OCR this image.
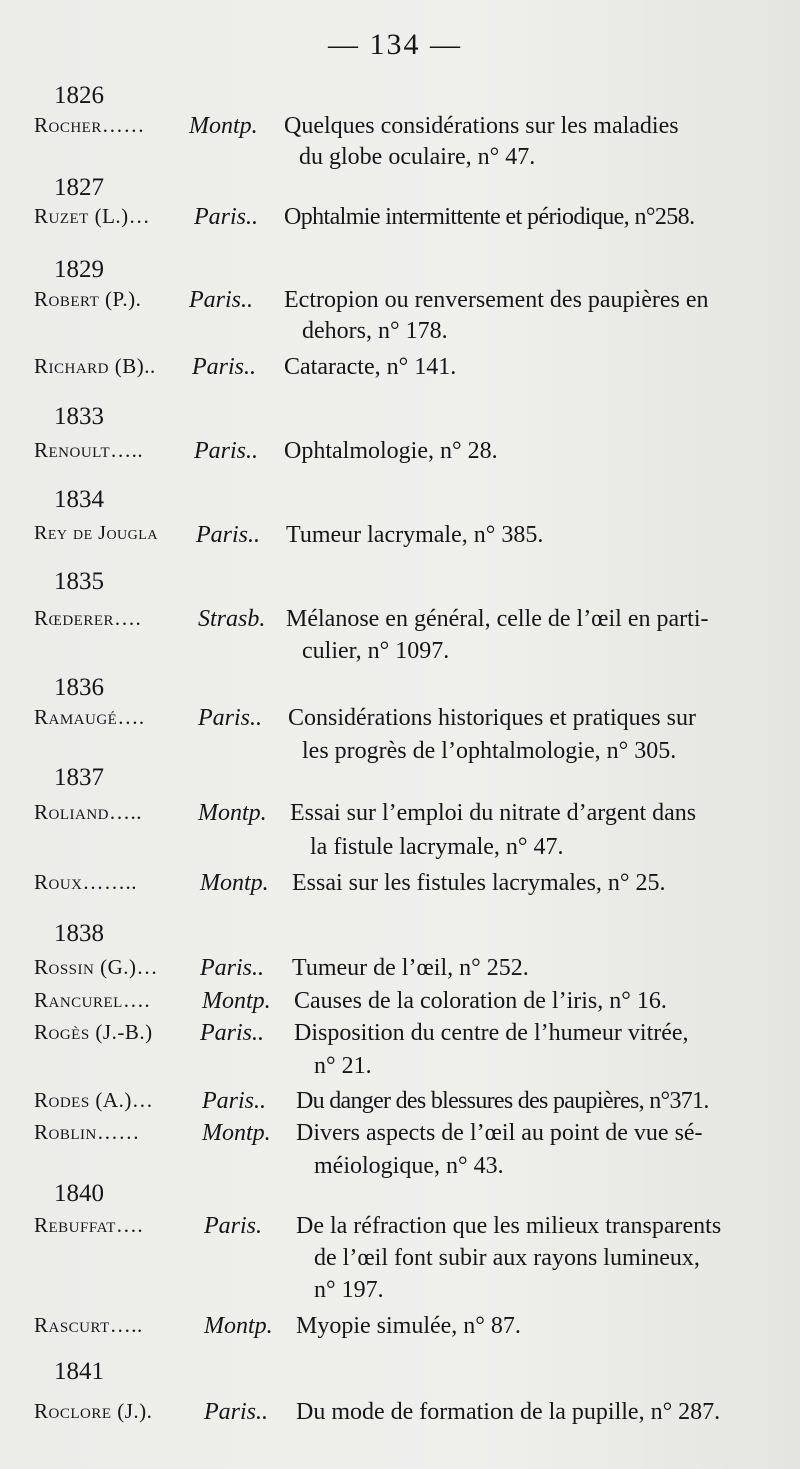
— 134 —
1826
1827
1829
1833
1834
1835
1836
1837
1838
1840
1841
Rocher…… Montp. Quelques considérations sur les maladies
du globe oculaire, n° 47.
Ruzet (L.)… Paris.. Ophtalmie intermittente et périodique, n°258.
Robert (P.). Paris.. Ectropion ou renversement des paupières en
dehors, n° 178.
Richard (B).. Paris.. Cataracte, n° 141.
Renoult….. Paris.. Ophtalmologie, n° 28.
Rey de Jougla Paris.. Tumeur lacrymale, n° 385.
Rœderer…. Strasb. Mélanose en général, celle de l’œil en parti-
culier, n° 1097.
Ramaugé…. Paris.. Considérations historiques et pratiques sur
les progrès de l’ophtalmologie, n° 305.
Roliand….. Montp. Essai sur l’emploi du nitrate d’argent dans
la fistule lacrymale, n° 47.
Roux……..	Montp. Essai sur les fistules lacrymales, n° 25.
Rossin (G.)… Paris.. Tumeur de l’œil, n° 252.
Rancurel…. Montp. Causes de la coloration de l’iris, n° 16.
Rogès (J.-B.) Paris.. Disposition du centre de l’humeur vitrée,
n° 21.
Rodes (A.)… Paris.. Du danger des blessures des paupières, n°371.
Roblin……	Montp. Divers aspects de l’œil au point de vue sé-
méiologique, n° 43.
Rebuffat….	Paris. De la réfraction que les milieux transparents
de l’œil font subir aux rayons lumineux,
n° 197.
Rascurt…..	Montp. Myopie simulée, n° 87.
Roclore (J.). Paris.. Du mode de formation de la pupille, n° 287.
